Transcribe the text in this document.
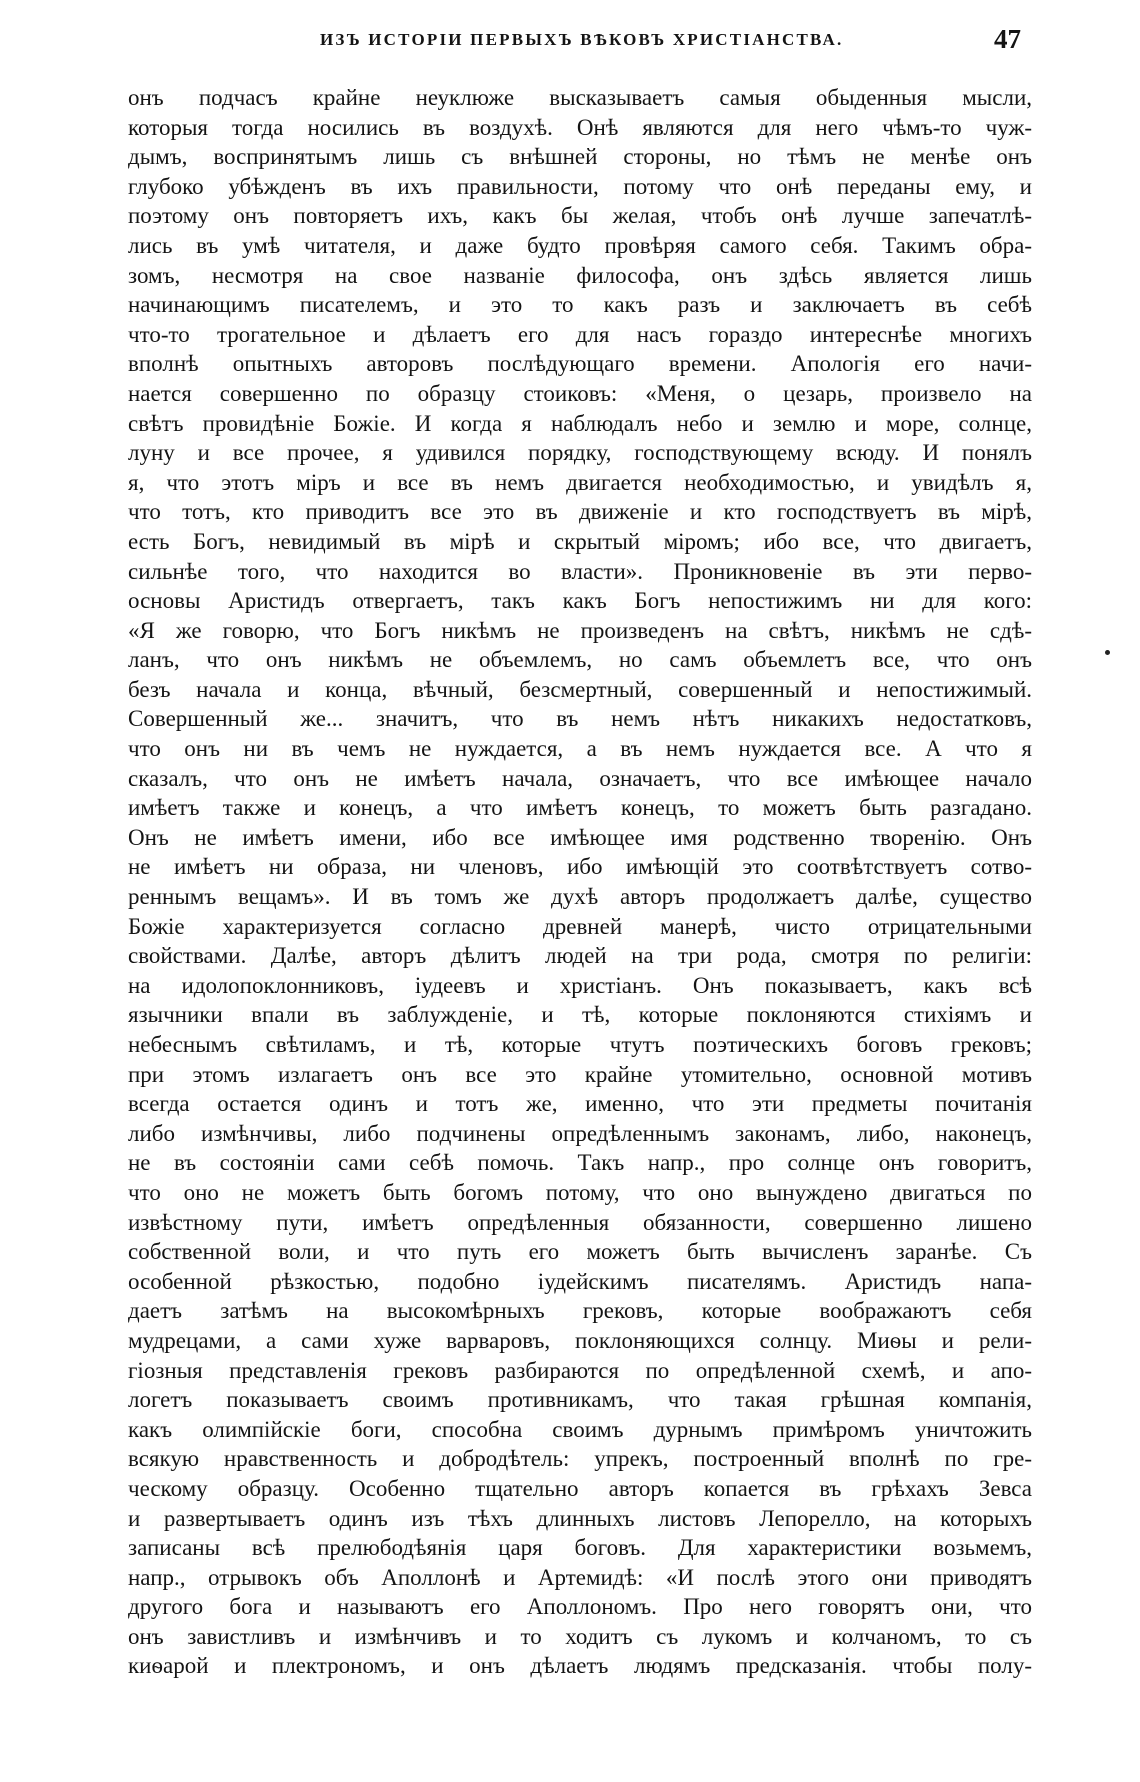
ИЗЪ ИСТОРІИ ПЕРВЫХЪ ВѢКОВЪ ХРИСТІАНСТВА.	47
онъ подчасъ крайне неуклюже высказываетъ самыя обыденныя мысли,
которыя тогда носились въ воздухѣ. Онѣ являются для него чѣмъ-то чуж-
дымъ, воспринятымъ лишь съ внѣшней стороны, но тѣмъ не менѣе онъ
глубоко убѣжденъ въ ихъ правильности, потому что онѣ переданы ему, и
поэтому онъ повторяетъ ихъ, какъ бы желая, чтобъ онѣ лучше запечатлѣ-
лись въ умѣ читателя, и даже будто провѣряя самого себя. Такимъ обра-
зомъ, несмотря на свое названіе философа, онъ здѣсь является лишь
начинающимъ писателемъ, и это то какъ разъ и заключаетъ въ себѣ
что-то трогательное и дѣлаетъ его для насъ гораздо интереснѣе многихъ
вполнѣ опытныхъ авторовъ послѣдующаго времени. Апологія его начи-
нается совершенно по образцу стоиковъ: «Меня, о цезарь, произвело на
свѣтъ провидѣніе Божіе. И когда я наблюдалъ небо и землю и море, солнце,
луну и все прочее, я удивился порядку, господствующему всюду. И понялъ
я, что этотъ міръ и все въ немъ двигается необходимостью, и увидѣлъ я,
что тотъ, кто приводитъ все это въ движеніе и кто господствуетъ въ мірѣ,
есть Богъ, невидимый въ мірѣ и скрытый міромъ; ибо все, что двигаетъ,
сильнѣе того, что находится во власти». Проникновеніе въ эти перво-
основы Аристидъ отвергаетъ, такъ какъ Богъ непостижимъ ни для кого:
«Я же говорю, что Богъ никѣмъ не произведенъ на свѣтъ, никѣмъ не сдѣ-
ланъ, что онъ никѣмъ не объемлемъ, но самъ объемлетъ все, что онъ
безъ начала и конца, вѣчный, безсмертный, совершенный и непостижимый.
Совершенный же... значитъ, что въ немъ нѣтъ никакихъ недостатковъ,
что онъ ни въ чемъ не нуждается, а въ немъ нуждается все. А что я
сказалъ, что онъ не имѣетъ начала, означаетъ, что все имѣющее начало
имѣетъ также и конецъ, а что имѣетъ конецъ, то можетъ быть разгадано.
Онъ не имѣетъ имени, ибо все имѣющее имя родственно творенію. Онъ
не имѣетъ ни образа, ни членовъ, ибо имѣющій это соотвѣтствуетъ сотво-
реннымъ вещамъ». И въ томъ же духѣ авторъ продолжаетъ далѣе, существо
Божіе характеризуется согласно древней манерѣ, чисто отрицательными
свойствами. Далѣе, авторъ дѣлитъ людей на три рода, смотря по религіи:
на идолопоклонниковъ, іудеевъ и христіанъ. Онъ показываетъ, какъ всѣ
язычники впали въ заблужденіе, и тѣ, которые поклоняются стихіямъ и
небеснымъ свѣтиламъ, и тѣ, которые чтутъ поэтическихъ боговъ грековъ;
при этомъ излагаетъ онъ все это крайне утомительно, основной мотивъ
всегда остается одинъ и тотъ же, именно, что эти предметы почитанія
либо измѣнчивы, либо подчинены опредѣленнымъ законамъ, либо, наконецъ,
не въ состояніи сами себѣ помочь. Такъ напр., про солнце онъ говоритъ,
что оно не можетъ быть богомъ потому, что оно вынуждено двигаться по
извѣстному пути, имѣетъ опредѣленныя обязанности, совершенно лишено
собственной воли, и что путь его можетъ быть вычисленъ заранѣе. Съ
особенной рѣзкостью, подобно іудейскимъ писателямъ. Аристидъ напа-
даетъ затѣмъ на высокомѣрныхъ грековъ, которые воображаютъ себя
мудрецами, а сами хуже варваровъ, поклоняющихся солнцу. Миѳы и рели-
гіозныя представленія грековъ разбираются по опредѣленной схемѣ, и апо-
логетъ показываетъ своимъ противникамъ, что такая грѣшная компанія,
какъ олимпійскіе боги, способна своимъ дурнымъ примѣромъ уничтожить
всякую нравственность и добродѣтель: упрекъ, построенный вполнѣ по гре-
ческому образцу. Особенно тщательно авторъ копается въ грѣхахъ Зевса
и развертываетъ одинъ изъ тѣхъ длинныхъ листовъ Лепорелло, на которыхъ
записаны всѣ прелюбодѣянія царя боговъ. Для характеристики возьмемъ,
напр., отрывокъ объ Аполлонѣ и Артемидѣ: «И послѣ этого они приводятъ
другого бога и называютъ его Аполлономъ. Про него говорятъ они, что
онъ завистливъ и измѣнчивъ и то ходитъ съ лукомъ и колчаномъ, то съ
киѳарой и плектрономъ, и онъ дѣлаетъ людямъ предсказанія. чтобы полу-
